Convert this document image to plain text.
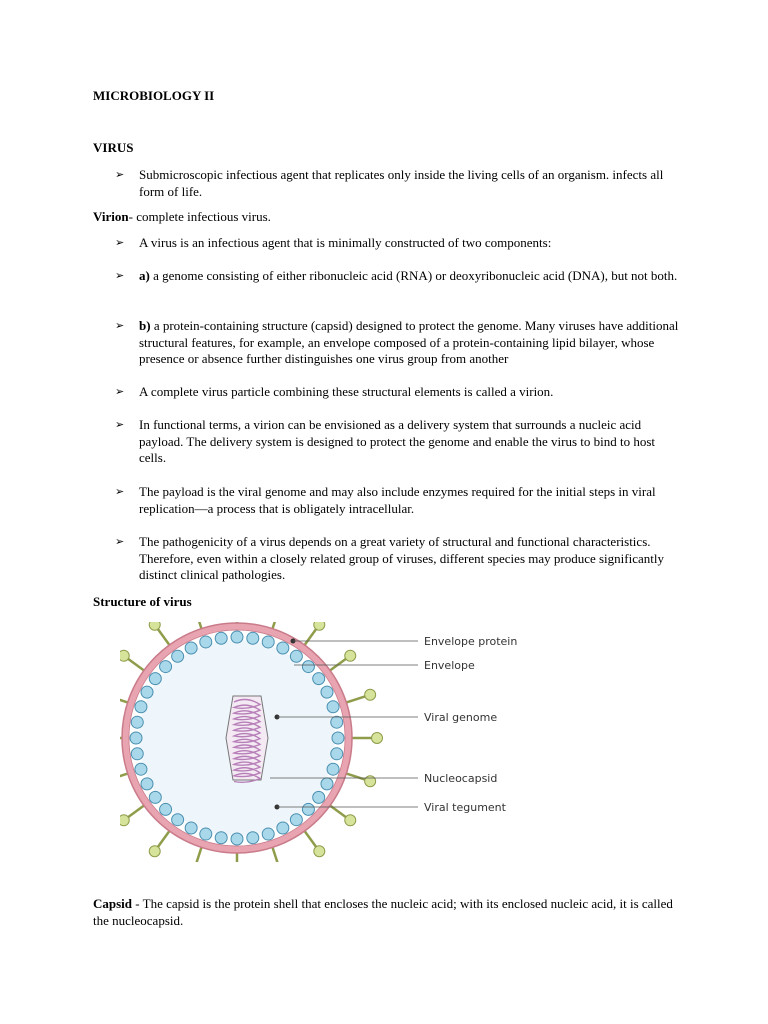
MICROBIOLOGY II
VIRUS
➢	Submicroscopic infectious agent that replicates only inside the living cells of an organism. infects all form of life.
Virion- complete infectious virus.
➢	A virus is an infectious agent that is minimally constructed of two components:
➢	a) a genome consisting of either ribonucleic acid (RNA) or deoxyribonucleic acid (DNA), but not both.
➢	b) a protein-containing structure (capsid) designed to protect the genome. Many viruses have additional structural features, for example, an envelope composed of a protein-containing lipid bilayer, whose presence or absence further distinguishes one virus group from another
➢	A complete virus particle combining these structural elements is called a virion.
➢	In functional terms, a virion can be envisioned as a delivery system that surrounds a nucleic acid payload. The delivery system is designed to protect the genome and enable the virus to bind to host cells.
➢	The payload is the viral genome and may also include enzymes required for the initial steps in viral replication—a process that is obligately intracellular.
➢	The pathogenicity of a virus depends on a great variety of structural and functional characteristics. Therefore, even within a closely related group of viruses, different species may produce significantly distinct clinical pathologies.
Structure of virus
Envelope protein
Envelope
Viral genome
Nucleocapsid
Viral tegument
Capsid - The capsid is the protein shell that encloses the nucleic acid; with its enclosed nucleic acid, it is called the nucleocapsid.
